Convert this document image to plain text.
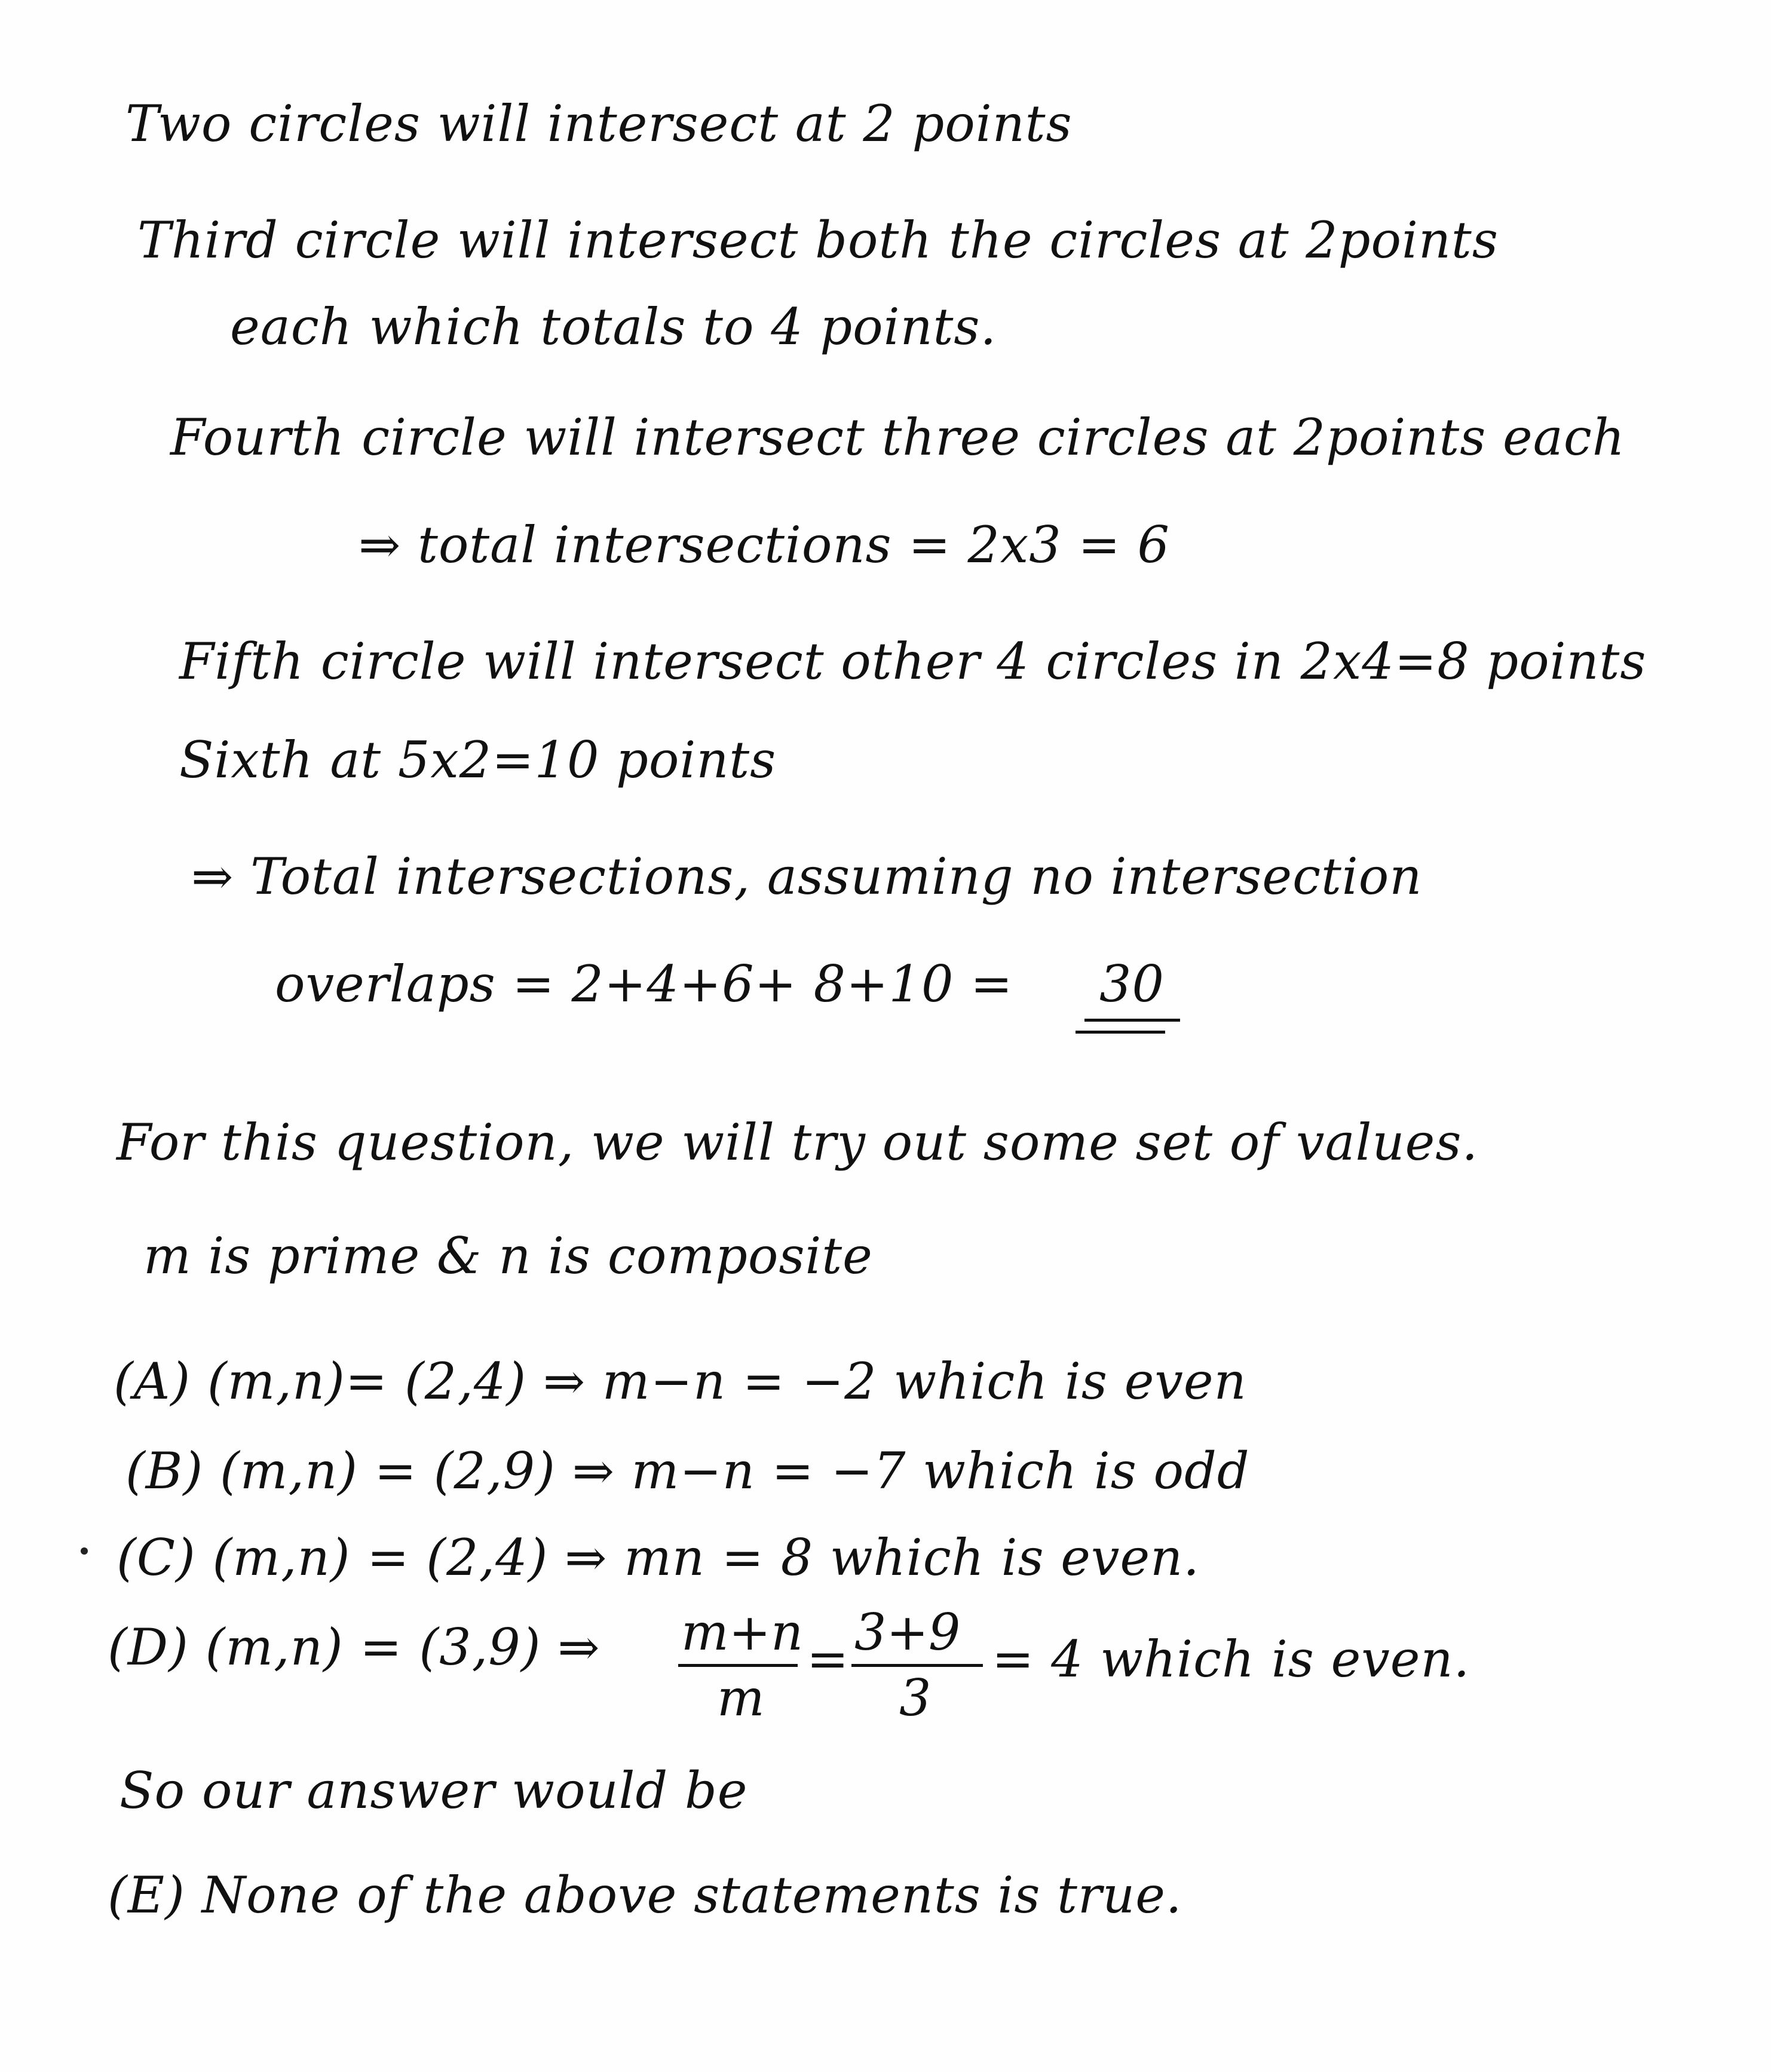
Two circles will intersect at 2 points
Third circle will intersect both the circles at 2points
each which totals to 4 points.
Fourth circle will intersect three circles at 2points each
⇒ total intersections = 2x3 = 6
Fifth circle will intersect other 4 circles in 2x4=8 points
Sixth at 5x2=10 points
⇒ Total intersections, assuming no intersection
overlaps = 2+4+6+ 8+10 = 30
For this question, we will try out some set of values.
m is prime & n is composite
(A) (m,n)= (2,4) ⇒ m−n = −2 which is even
(B) (m,n) = (2,9) ⇒ m−n = −7 which is odd
(C) (m,n) = (2,4) ⇒ mn = 8 which is even.
(D) (m,n) = (3,9) ⇒ m+n
m
= 3+9
3
= 4 which is even.
So our answer would be
(E) None of the above statements is true.
